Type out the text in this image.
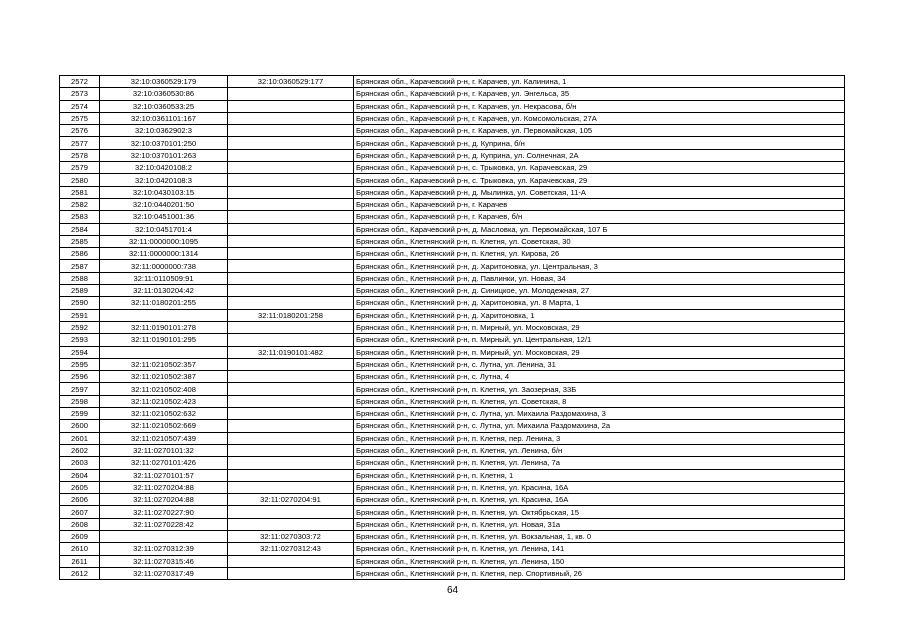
2572	32:10:0360529:179	32:10:0360529:177	Брянская обл., Карачевский р-н, г. Карачев, ул. Калинина, 1
2573	32:10:0360530:86		Брянская обл., Карачевский р-н, г. Карачев, ул. Энгельса, 35
2574	32:10:0360533:25		Брянская обл., Карачевский р-н, г. Карачев, ул. Некрасова, б/н
2575	32:10:0361101:167		Брянская обл., Карачевский р-н, г. Карачев, ул. Комсомольская, 27А
2576	32:10:0362902:3		Брянская обл., Карачевский р-н, г. Карачев, ул. Первомайская, 105
2577	32:10:0370101:250		Брянская обл., Карачевский р-н, д. Куприна, б/н
2578	32:10:0370101:263		Брянская обл., Карачевский р-н, д. Куприна, ул. Солнечная, 2А
2579	32:10:0420108:2		Брянская обл., Карачевский р-н, с. Трыковка, ул. Карачевская, 29
2580	32:10:0420108:3		Брянская обл., Карачевский р-н, с. Трыковка, ул. Карачевская, 29
2581	32:10:0430103:15		Брянская обл., Карачевский р-н, д. Мылинка, ул. Советская, 11-А
2582	32:10:0440201:50		Брянская обл., Карачевский р-н, г. Карачев
2583	32:10:0451001:36		Брянская обл., Карачевский р-н, г. Карачев, б/н
2584	32:10:0451701:4		Брянская обл., Карачевский р-н, д. Масловка, ул. Первомайская, 107 Б
2585	32:11:0000000:1095		Брянская обл., Клетнянский р-н, п. Клетня, ул. Советская, 30
2586	32:11:0000000:1314		Брянская обл., Клетнянский р-н, п. Клетня, ул. Кирова, 26
2587	32:11:0000000:738		Брянская обл., Клетнянский р-н, д. Харитоновка, ул. Центральная, 3
2588	32:11:0110509:91		Брянская обл., Клетнянский р-н, д. Павлинки, ул. Новая, 34
2589	32:11:0130204:42		Брянская обл., Клетнянский р-н, д. Синицкое, ул. Молодежная, 27
2590	32:11:0180201:255		Брянская обл., Клетнянский р-н, д. Харитоновка, ул. 8 Марта, 1
2591		32:11:0180201:258	Брянская обл., Клетнянский р-н, д. Харитоновка, 1
2592	32:11:0190101:278		Брянская обл., Клетнянский р-н, п. Мирный, ул. Московская, 29
2593	32:11:0190101:295		Брянская обл., Клетнянский р-н, п. Мирный, ул. Центральная, 12/1
2594		32:11:0190101:482	Брянская обл., Клетнянский р-н, п. Мирный, ул. Московская, 29
2595	32:11:0210502:357		Брянская обл., Клетнянский р-н, с. Лутна, ул. Ленина, 31
2596	32:11:0210502:387		Брянская обл., Клетнянский р-н, с. Лутна, 4
2597	32:11:0210502:408		Брянская обл., Клетнянский р-н, п. Клетня, ул. Заозерная, 33Б
2598	32:11:0210502:423		Брянская обл., Клетнянский р-н, п. Клетня, ул. Советская, 8
2599	32:11:0210502:632		Брянская обл., Клетнянский р-н, с. Лутна, ул. Михаила Раздомахина, 3
2600	32:11:0210502:669		Брянская обл., Клетнянский р-н, с. Лутна, ул. Михаила Раздомахина, 2а
2601	32:11:0210507:439		Брянская обл., Клетнянский р-н, п. Клетня, пер. Ленина, 3
2602	32:11:0270101:32		Брянская обл., Клетнянский р-н, п. Клетня, ул. Ленина, б/н
2603	32:11:0270101:426		Брянская обл., Клетнянский р-н, п. Клетня, ул. Ленина, 7а
2604	32:11:0270101:57		Брянская обл., Клетнянский р-н, п. Клетня, 1
2605	32:11:0270204:88		Брянская обл., Клетнянский р-н, п. Клетня, ул. Красина, 16А
2606	32:11:0270204:88	32:11:0270204:91	Брянская обл., Клетнянский р-н, п. Клетня, ул. Красина, 16А
2607	32:11:0270227:90		Брянская обл., Клетнянский р-н, п. Клетня, ул. Октябрьская, 15
2608	32:11:0270228:42		Брянская обл., Клетнянский р-н, п. Клетня, ул. Новая, 31а
2609		32:11:0270303:72	Брянская обл., Клетнянский р-н, п. Клетня, ул. Вокзальная, 1, кв. 0
2610	32:11:0270312:39	32:11:0270312:43	Брянская обл., Клетнянский р-н, п. Клетня, ул. Ленина, 141
2611	32:11:0270315:46		Брянская обл., Клетнянский р-н, п. Клетня, ул. Ленина, 150
2612	32:11:0270317:49		Брянская обл., Клетнянский р-н, п. Клетня, пер. Спортивный, 26
64
